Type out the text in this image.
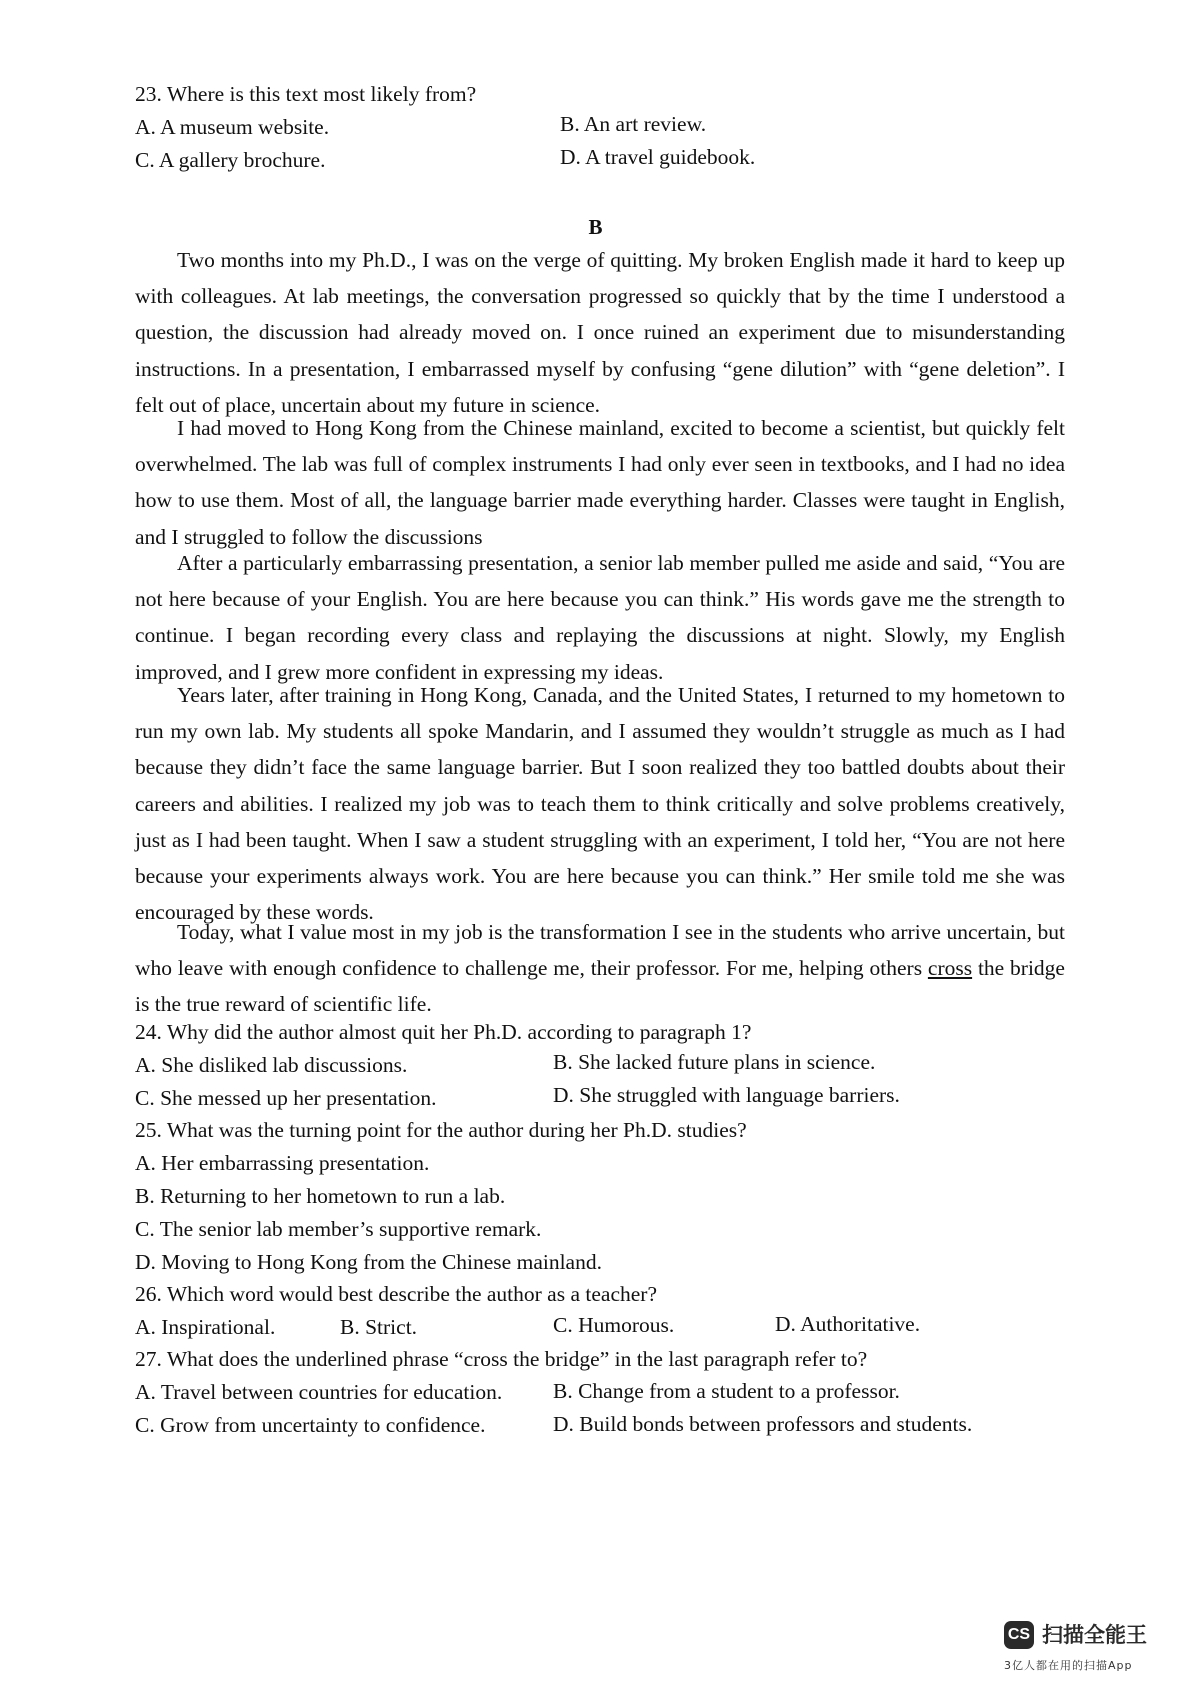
23. Where is this text most likely from?
A. A museum website.	B. An art review.
C. A gallery brochure.	D. A travel guidebook.
B
Two months into my Ph.D., I was on the verge of quitting. My broken English made it hard to keep up with colleagues. At lab meetings, the conversation progressed so quickly that by the time I understood a question, the discussion had already moved on. I once ruined an experiment due to misunderstanding instructions. In a presentation, I embarrassed myself by confusing “gene dilution” with “gene deletion”. I felt out of place, uncertain about my future in science.
I had moved to Hong Kong from the Chinese mainland, excited to become a scientist, but quickly felt overwhelmed. The lab was full of complex instruments I had only ever seen in textbooks, and I had no idea how to use them. Most of all, the language barrier made everything harder. Classes were taught in English, and I struggled to follow the discussions
After a particularly embarrassing presentation, a senior lab member pulled me aside and said, “You are not here because of your English. You are here because you can think.” His words gave me the strength to continue. I began recording every class and replaying the discussions at night. Slowly, my English improved, and I grew more confident in expressing my ideas.
Years later, after training in Hong Kong, Canada, and the United States, I returned to my hometown to run my own lab. My students all spoke Mandarin, and I assumed they wouldn’t struggle as much as I had because they didn’t face the same language barrier. But I soon realized they too battled doubts about their careers and abilities. I realized my job was to teach them to think critically and solve problems creatively, just as I had been taught. When I saw a student struggling with an experiment, I told her, “You are not here because your experiments always work. You are here because you can think.” Her smile told me she was encouraged by these words.
Today, what I value most in my job is the transformation I see in the students who arrive uncertain, but who leave with enough confidence to challenge me, their professor. For me, helping others cross the bridge is the true reward of scientific life.
24. Why did the author almost quit her Ph.D. according to paragraph 1?
A. She disliked lab discussions.	B. She lacked future plans in science.
C. She messed up her presentation.	D. She struggled with language barriers.
25. What was the turning point for the author during her Ph.D. studies?
A. Her embarrassing presentation.
B. Returning to her hometown to run a lab.
C. The senior lab member’s supportive remark.
D. Moving to Hong Kong from the Chinese mainland.
26. Which word would best describe the author as a teacher?
A. Inspirational.	B. Strict.	C. Humorous.	D. Authoritative.
27. What does the underlined phrase “cross the bridge” in the last paragraph refer to?
A. Travel between countries for education. B. Change from a student to a professor.
C. Grow from uncertainty to confidence.	D. Build bonds between professors and students.
CS 扫描全能王
3亿人都在用的扫描App
